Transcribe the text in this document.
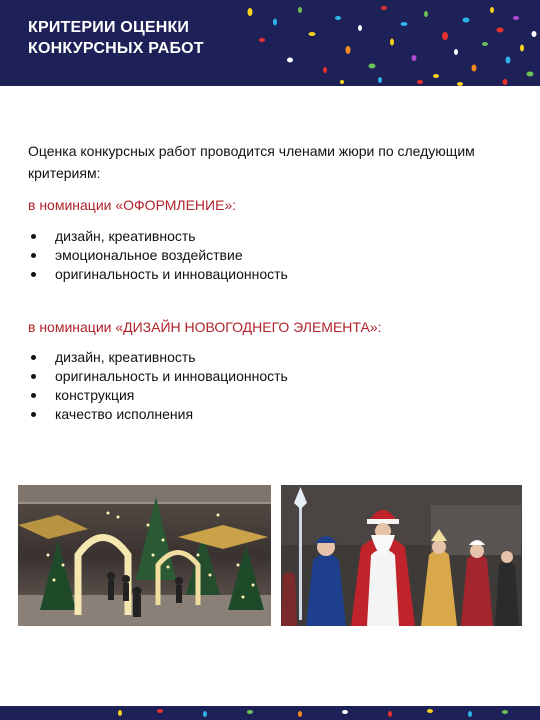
КРИТЕРИИ ОЦЕНКИ
КОНКУРСНЫХ РАБОТ
Оценка конкурсных работ проводится членами жюри по следующим критериям:
в номинации «ОФОРМЛЕНИЕ»:
дизайн, креативность
эмоциональное воздействие
оригинальность и инновационность
в номинации «ДИЗАЙН НОВОГОДНЕГО ЭЛЕМЕНТА»:
дизайн, креативность
оригинальность и инновационность
конструкция
качество исполнения
